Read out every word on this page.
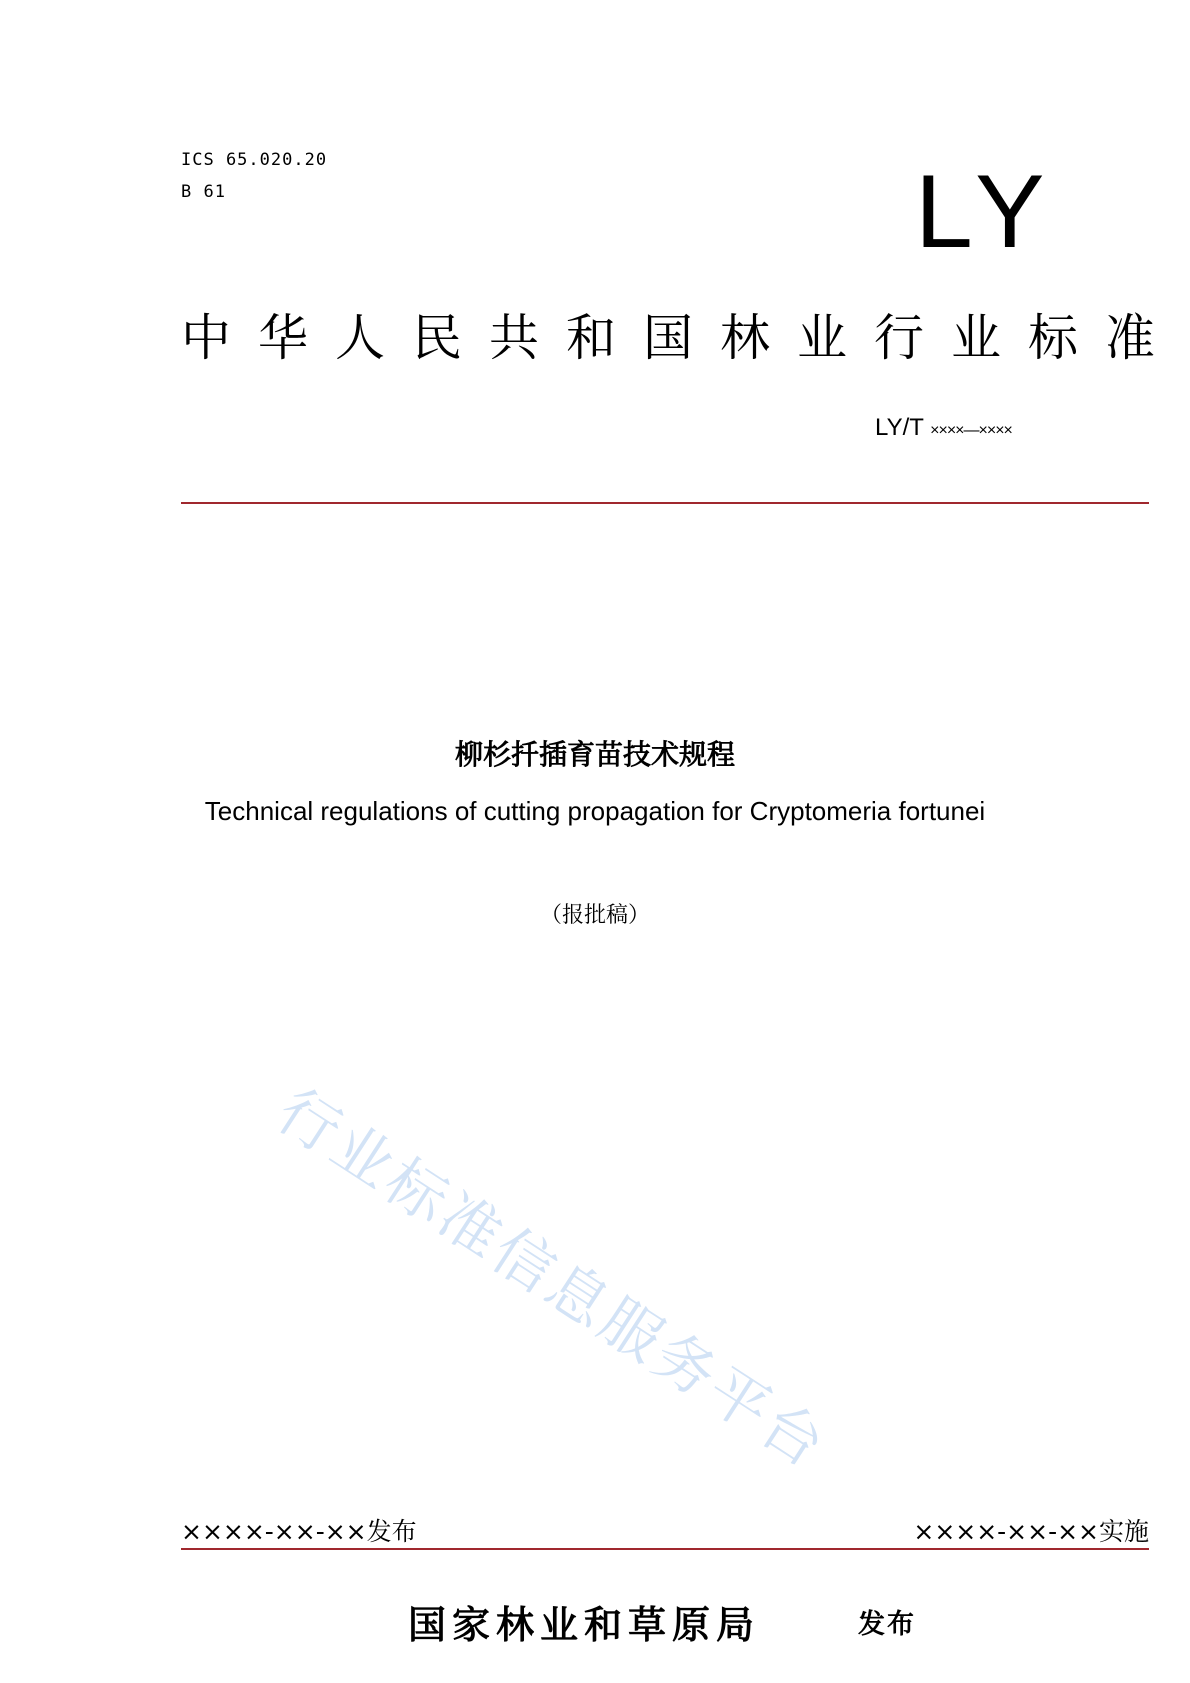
ICS 65.020.20
B 61	LY
中华人民共和国林业行业标准
LY/T ××××—××××
柳杉扦插育苗技术规程
Technical regulations of cutting propagation for Cryptomeria fortunei
（报批稿）
行业标准信息服务平台
××××-××-××发布	××××-××-××实施
国家林业和草原局	发布
